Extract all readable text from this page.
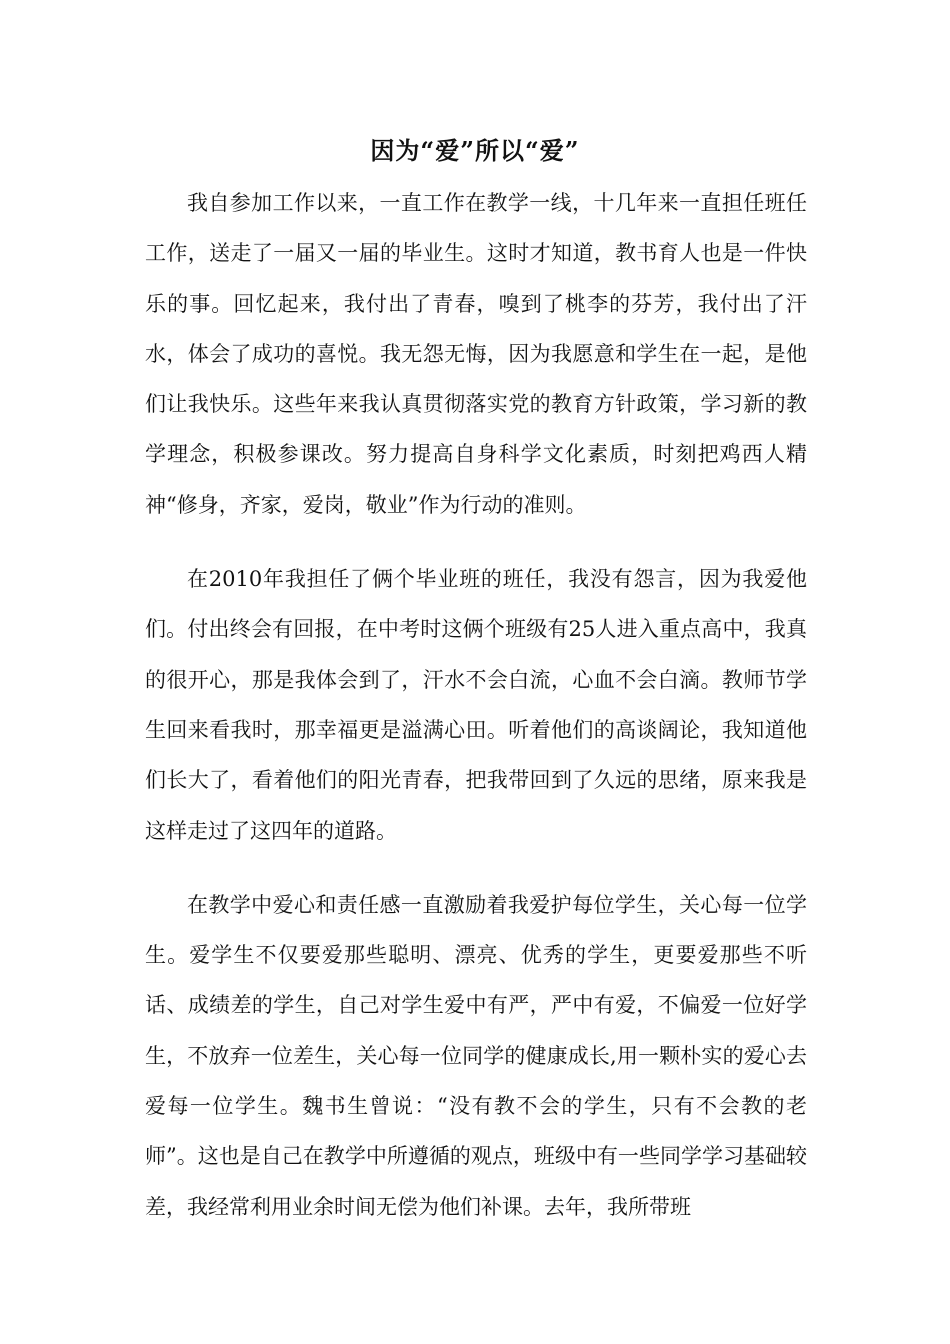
因为“爱”所以“爱”

我自参加工作以来，一直工作在教学一线，十几年来一直担任班任工作，送走了一届又一届的毕业生。这时才知道，教书育人也是一件快乐的事。回忆起来，我付出了青春，嗅到了桃李的芬芳，我付出了汗水，体会了成功的喜悦。我无怨无悔，因为我愿意和学生在一起，是他们让我快乐。这些年来我认真贯彻落实党的教育方针政策，学习新的教学理念，积极参课改。努力提高自身科学文化素质，时刻把鸡西人精神“修身，齐家，爱岗，敬业”作为行动的准则。

在2010年我担任了俩个毕业班的班任，我没有怨言，因为我爱他们。付出终会有回报，在中考时这俩个班级有25人进入重点高中，我真的很开心，那是我体会到了，汗水不会白流，心血不会白滴。教师节学生回来看我时，那幸福更是溢满心田。听着他们的高谈阔论，我知道他们长大了，看着他们的阳光青春，把我带回到了久远的思绪，原来我是这样走过了这四年的道路。

在教学中爱心和责任感一直激励着我爱护每位学生，关心每一位学生。爱学生不仅要爱那些聪明、漂亮、优秀的学生，更要爱那些不听话、成绩差的学生，自己对学生爱中有严，严中有爱，不偏爱一位好学生，不放弃一位差生，关心每一位同学的健康成长,用一颗朴实的爱心去爱每一位学生。魏书生曾说：“没有教不会的学生，只有不会教的老师”。这也是自己在教学中所遵循的观点，班级中有一些同学学习基础较差，我经常利用业余时间无偿为他们补课。去年，我所带班
